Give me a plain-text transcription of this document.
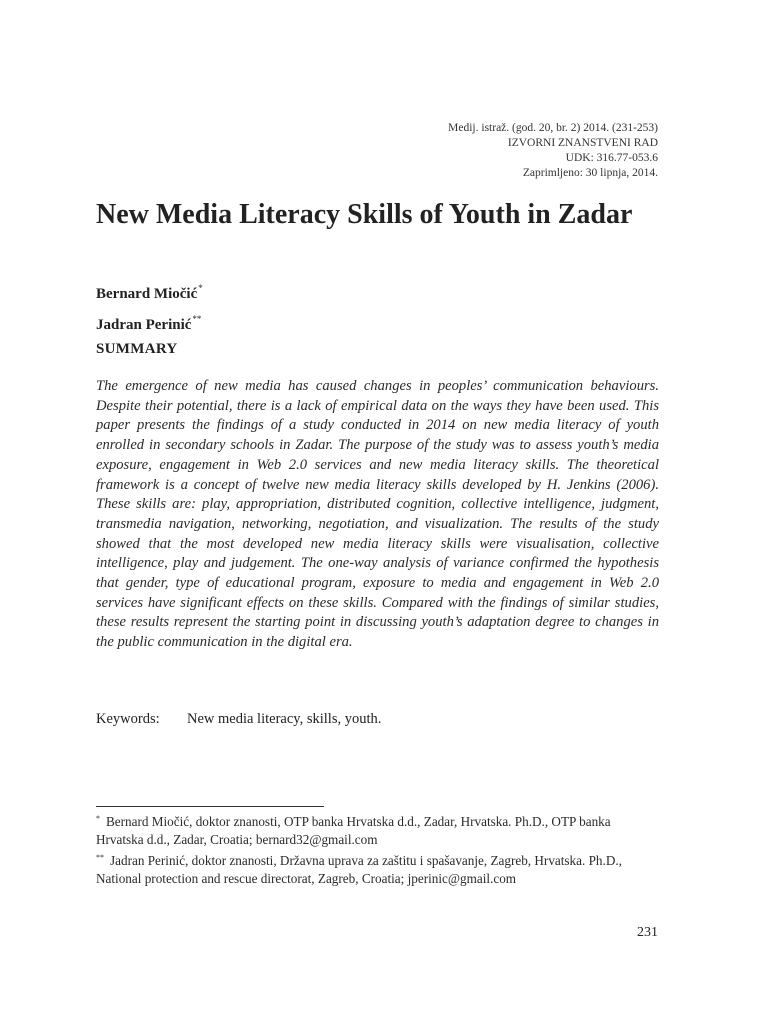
Medij. istraž. (god. 20, br. 2) 2014. (231-253)
IZVORNI ZNANSTVENI RAD
UDK: 316.77-053.6
Zaprimljeno: 30 lipnja, 2014.
New Media Literacy Skills of Youth in Zadar
Bernard Miočić*
Jadran Perinić**
SUMMARY

The emergence of new media has caused changes in peoples’ communication behaviours. Despite their potential, there is a lack of empirical data on the ways they have been used. This paper presents the findings of a study conducted in 2014 on new media literacy of youth enrolled in secondary schools in Zadar. The purpose of the study was to assess youth’s media exposure, engagement in Web 2.0 services and new media literacy skills. The theoretical framework is a concept of twelve new media literacy skills developed by H. Jenkins (2006). These skills are: play, appropriation, distributed cognition, collective intelligence, judgment, transmedia navigation, networking, negotiation, and visualization. The results of the study showed that the most developed new media literacy skills were visualisation, collective intelligence, play and judgement. The one-way analysis of variance confirmed the hypothesis that gender, type of educational program, exposure to media and engagement in Web 2.0 services have significant effects on these skills. Compared with the findings of similar studies, these results represent the starting point in discussing youth’s adaptation degree to changes in the public communication in the digital era.

Keywords: New media literacy, skills, youth.

* Bernard Miočić, doktor znanosti, OTP banka Hrvatska d.d., Zadar, Hrvatska. Ph.D., OTP banka Hrvatska d.d., Zadar, Croatia; bernard32@gmail.com

** Jadran Perinić, doktor znanosti, Državna uprava za zaštitu i spašavanje, Zagreb, Hrvatska. Ph.D., National protection and rescue directorat, Zagreb, Croatia; jperinic@gmail.com

231
